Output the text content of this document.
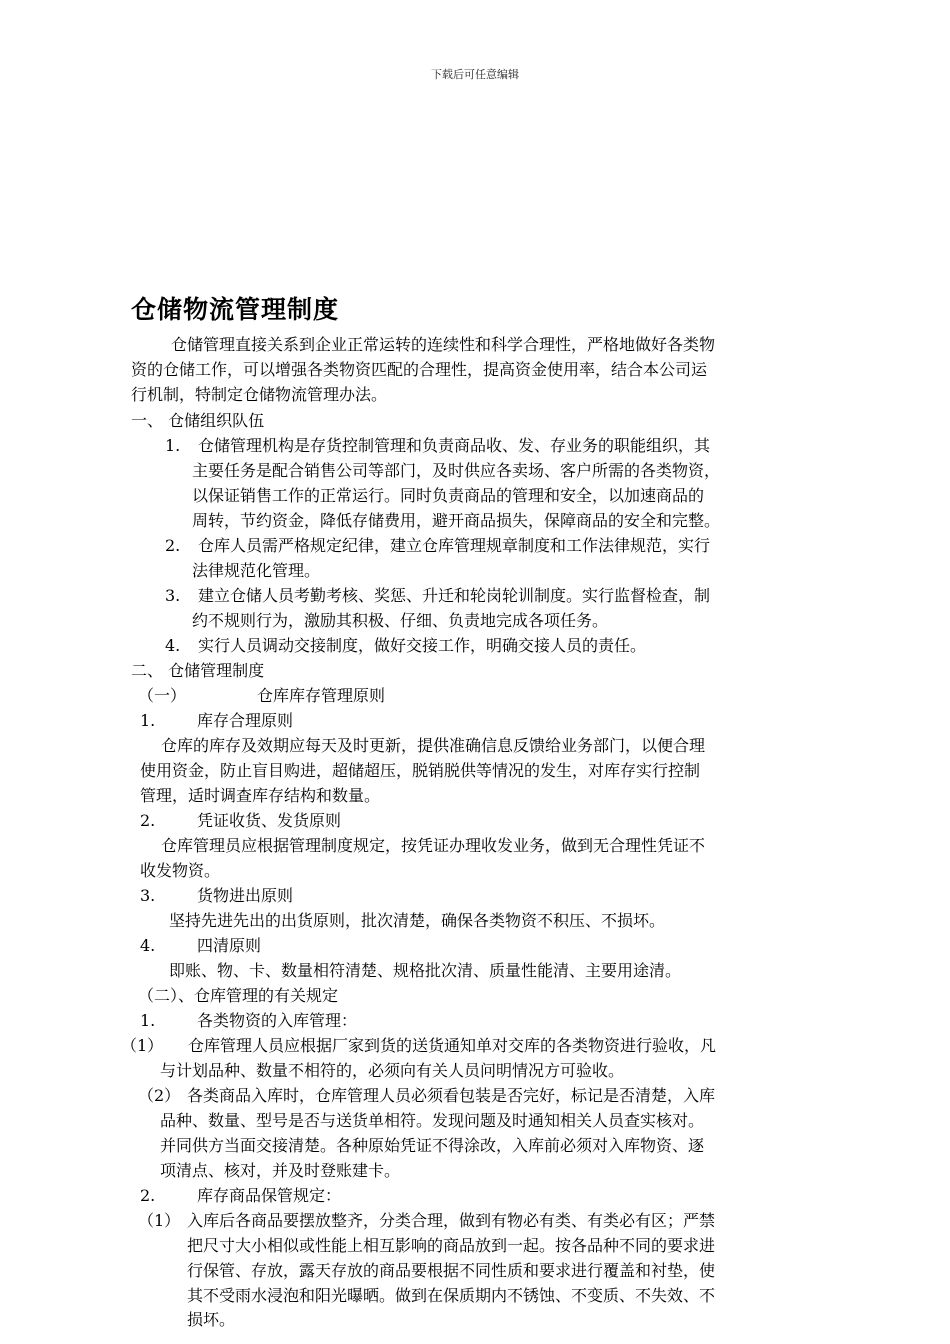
下载后可任意编辑
仓储物流管理制度
仓储管理直接关系到企业正常运转的连续性和科学合理性，严格地做好各类物
资的仓储工作，可以增强各类物资匹配的合理性，提高资金使用率，结合本公司运
行机制，特制定仓储物流管理办法。
一、 仓储组织队伍
1. 仓储管理机构是存货控制管理和负责商品收、发、存业务的职能组织，其
主要任务是配合销售公司等部门，及时供应各卖场、客户所需的各类物资，
以保证销售工作的正常运行。同时负责商品的管理和安全，以加速商品的
周转，节约资金，降低存储费用，避开商品损失，保障商品的安全和完整。
2. 仓库人员需严格规定纪律，建立仓库管理规章制度和工作法律规范，实行
法律规范化管理。
3. 建立仓储人员考勤考核、奖惩、升迁和轮岗轮训制度。实行监督检查，制
约不规则行为，激励其积极、仔细、负责地完成各项任务。
4. 实行人员调动交接制度，做好交接工作，明确交接人员的责任。
二、 仓储管理制度
（一）	仓库库存管理原则
1.	库存合理原则
仓库的库存及效期应每天及时更新，提供准确信息反馈给业务部门，以便合理
使用资金，防止盲目购进，超储超压，脱销脱供等情况的发生，对库存实行控制
管理，适时调查库存结构和数量。
2.	凭证收货、发货原则
仓库管理员应根据管理制度规定，按凭证办理收发业务，做到无合理性凭证不
收发物资。
3.	货物进出原则
坚持先进先出的出货原则，批次清楚，确保各类物资不积压、不损坏。
4.	四清原则
即账、物、卡、数量相符清楚、规格批次清、质量性能清、主要用途清。
（二）、仓库管理的有关规定
1.	各类物资的入库管理：
（1） 仓库管理人员应根据厂家到货的送货通知单对交库的各类物资进行验收，凡
与计划品种、数量不相符的，必须向有关人员问明情况方可验收。
（2） 各类商品入库时，仓库管理人员必须看包装是否完好，标记是否清楚，入库
品种、数量、型号是否与送货单相符。发现问题及时通知相关人员查实核对。
并同供方当面交接清楚。各种原始凭证不得涂改，入库前必须对入库物资、逐
项清点、核对，并及时登账建卡。
2.	库存商品保管规定：
（1） 入库后各商品要摆放整齐，分类合理，做到有物必有类、有类必有区；严禁
把尺寸大小相似或性能上相互影响的商品放到一起。按各品种不同的要求进
行保管、存放，露天存放的商品要根据不同性质和要求进行覆盖和衬垫，使
其不受雨水浸泡和阳光曝晒。做到在保质期内不锈蚀、不变质、不失效、不
损坏。
